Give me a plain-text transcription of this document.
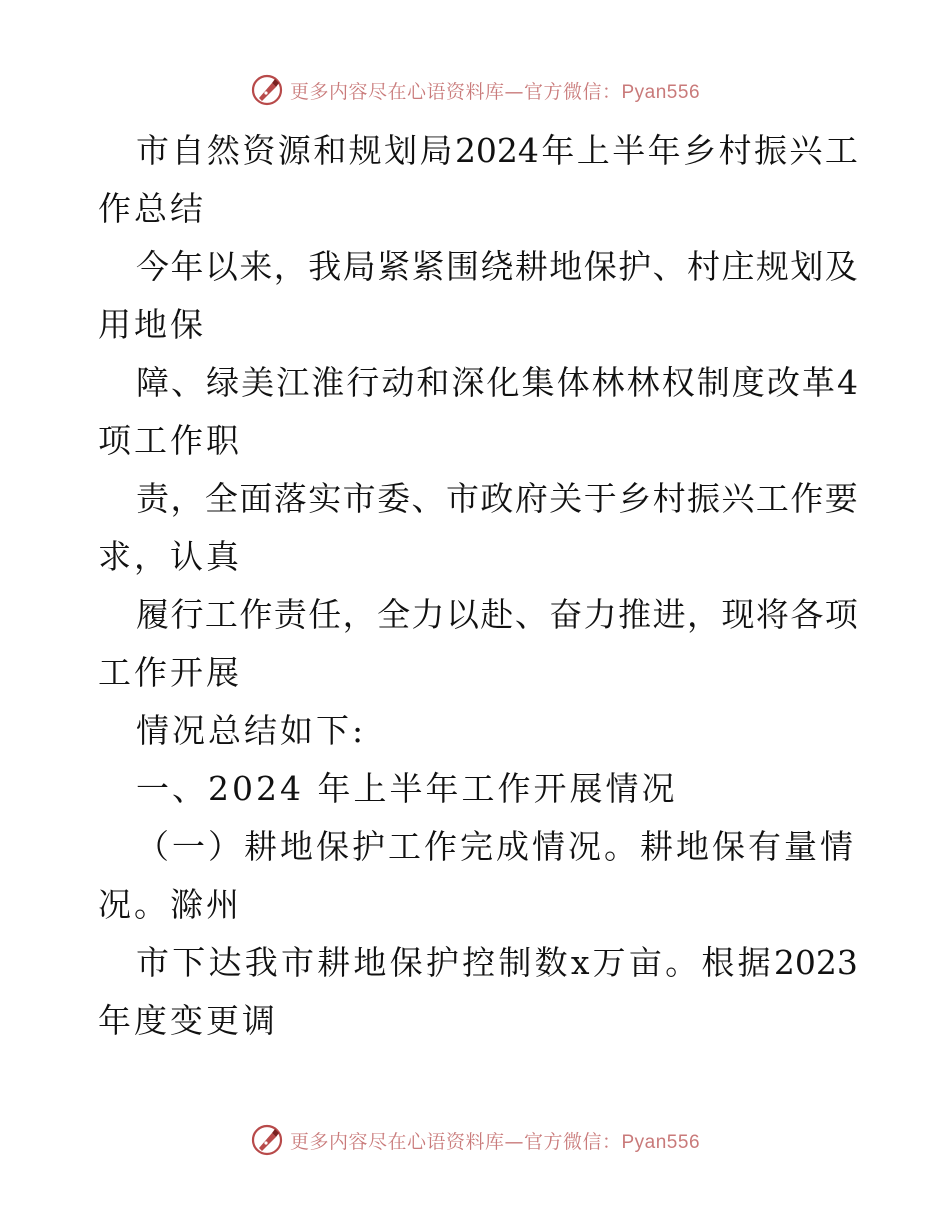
更多内容尽在心语资料库—官方微信：Pyan556
市 自 然 资 源 和 规 划 局 2024 年 上 半 年 乡 村 振 兴 工
作总结
今 年 以 来 ， 我 局 紧 紧 围 绕 耕 地 保 护 、 村 庄 规 划 及
用地保
障 、 绿 美 江 淮 行 动 和 深 化 集 体 林 林 权 制 度 改 革 4
项工作职
责 ， 全 面 落 实 市 委 、 市 政 府 关 于 乡 村 振 兴 工 作 要
求，认真
履 行 工 作 责 任 ， 全 力 以 赴 、 奋 力 推 进 ， 现 将 各 项
工作开展
情况总结如下:
一、2024 年上半年工作开展情况
（一）耕地保护工作完成情况。耕地保有量情
况。滁州
市 下 达 我 市 耕 地 保 护 控 制 数 x 万 亩 。 根 据 2023
年度变更调
更多内容尽在心语资料库—官方微信：Pyan556
